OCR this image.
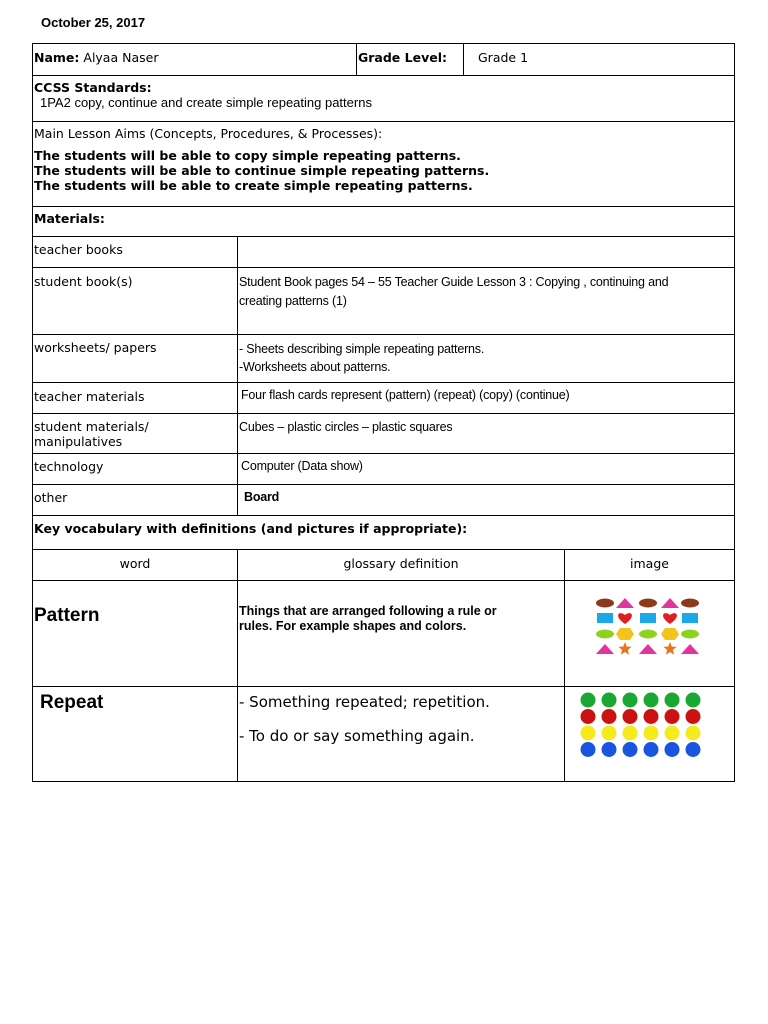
October 25, 2017
Name: Alyaa Naser		Grade Level:	Grade 1	

CCSS Standards:
1PA2 copy, continue and create simple repeating patterns				

Main Lesson Aims (Concepts, Procedures, & Processes):
The students will be able to copy simple repeating patterns.
The students will be able to continue simple repeating patterns.
The students will be able to create simple repeating patterns.				

Materials:				
teacher books				
student book(s)	Student Book pages 54 – 55 Teacher Guide Lesson 3 : Copying , continuing and
creating patterns (1)			

worksheets/ papers	- Sheets describing simple repeating patterns.
-Worksheets about patterns.			

teacher materials	Four flash cards represent (pattern) (repeat) (copy) (continue)			
student materials/ manipulatives	Cubes – plastic circles – plastic squares			
technology	Computer (Data show)			
other	Board			
Key vocabulary with definitions (and pictures if appropriate):				
word	glossary definition			image
Pattern	Things that are arranged following a rule or
rules. For example shapes and colors.

Repeat	- Something repeated; repetition.
- To do or say something again.
